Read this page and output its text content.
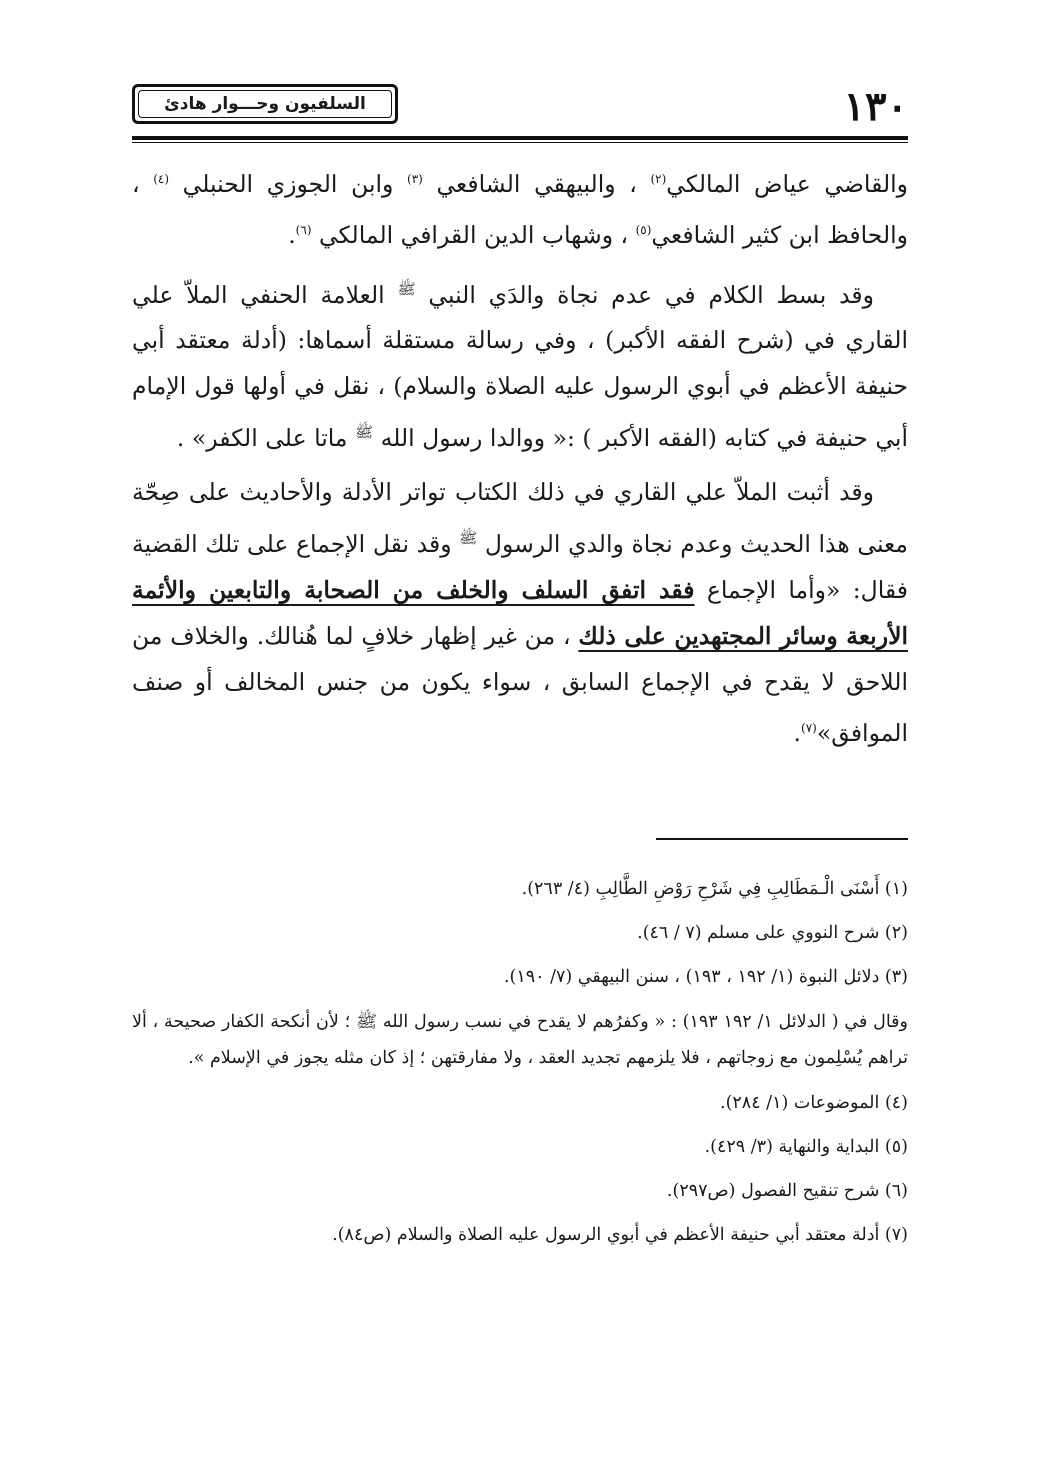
١٣٠
السلفيون وحـــوار هادئ

والقاضي عياض المالكي$^{(٢)}$ ، والبيهقي الشافعي $^{(٣)}$ وابن الجوزي الحنبلي $^{(٤)}$ ، والحافظ ابن كثير الشافعي$^{(٥)}$ ، وشهاب الدين القرافي المالكي $^{(٦)}$.

وقد بسط الكلام في عدم نجاة والدَي النبي $^ﷺ$ العلامة الحنفي الملاّ علي القاري في (شرح الفقه الأكبر) ، وفي رسالة مستقلة أسماها: (أدلة معتقد أبي حنيفة الأعظم في أبوي الرسول عليه الصلاة والسلام) ، نقل في أولها قول الإمام أبي حنيفة في كتابه (الفقه الأكبر ) :« ووالدا رسول الله $^ﷺ$ ماتا على الكفر» .

وقد أثبت الملاّ علي القاري في ذلك الكتاب تواتر الأدلة والأحاديث على صِحّة معنى هذا الحديث وعدم نجاة والدي الرسول $^ﷺ$ وقد نقل الإجماع على تلك القضية فقال: «وأما الإجماع فقد اتفق السلف والخلف من الصحابة والتابعين والأئمة الأربعة وسائر المجتهدين على ذلك ، من غير إظهار خلافٍ لما هُنالك. والخلاف من اللاحق لا يقدح في الإجماع السابق ، سواء يكون من جنس المخالف أو صنف الموافق»$^{(٧)}$.

(١) أَسْنَى الْـمَطَالِبِ فِي شَرْحِ رَوْضِ الطَّالِبِ (٤/ ٢٦٣).
(٢) شرح النووي على مسلم (٧ / ٤٦).
(٣) دلائل النبوة (١/ ١٩٢ ، ١٩٣) ، سنن البيهقي (٧/ ١٩٠).
وقال في ( الدلائل ١/ ١٩٢ ١٩٣) : « وكفرُهم لا يقدح في نسب رسول الله ﷺ ؛ لأن أنكحة الكفار صحيحة ، ألا تراهم يُسْلِمون مع زوجاتهم ، فلا يلزمهم تجديد العقد ، ولا مفارقتهن ؛ إذ كان مثله يجوز في الإسلام ».
(٤) الموضوعات (١/ ٢٨٤).
(٥) البداية والنهاية (٣/ ٤٢٩).
(٦) شرح تنقيح الفصول (ص٢٩٧).
(٧) أدلة معتقد أبي حنيفة الأعظم في أبوي الرسول عليه الصلاة والسلام (ص٨٤).
